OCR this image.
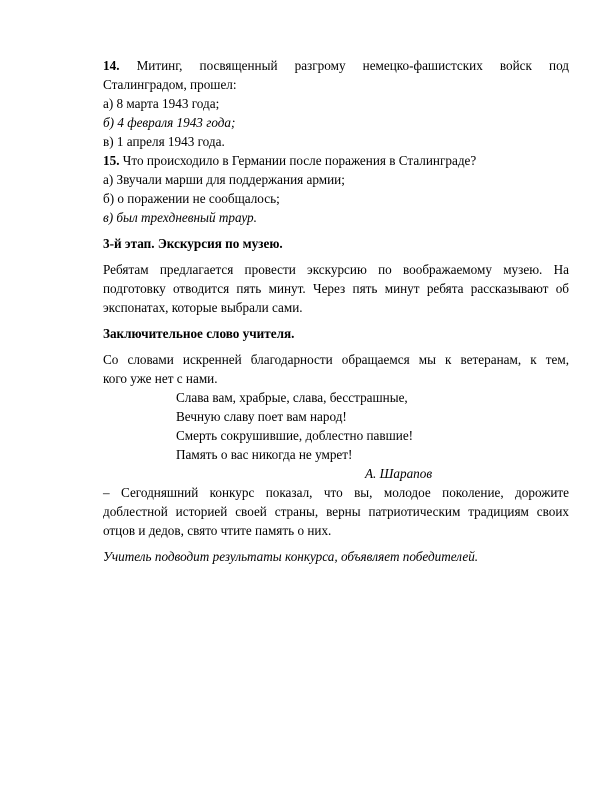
14. Митинг, посвященный разгрому немецко-фашистских войск под
Сталинградом, прошел:
а) 8 марта 1943 года;
б) 4 февраля 1943 года;
в) 1 апреля 1943 года.
15. Что происходило в Германии после поражения в Сталинграде?
а) Звучали марши для поддержания армии;
б) о поражении не сообщалось;
в) был трехдневный траур.
3-й этап. Экскурсия по музею.
Ребятам предлагается провести экскурсию по воображаемому музею. На
подготовку отводится пять минут. Через пять минут ребята рассказывают об
экспонатах, которые выбрали сами.
Заключительное слово учителя.
Со словами искренней благодарности обращаемся мы к ветеранам, к тем,
кого уже нет с нами.
Слава вам, храбрые, слава, бесстрашные,
Вечную славу поет вам народ!
Смерть сокрушившие, доблестно павшие!
Память о вас никогда не умрет!
А. Шарапов
– Сегодняшний конкурс показал, что вы, молодое поколение, дорожите
доблестной историей своей страны, верны патриотическим традициям своих
отцов и дедов, свято чтите память о них.
Учитель подводит результаты конкурса, объявляет победителей.
